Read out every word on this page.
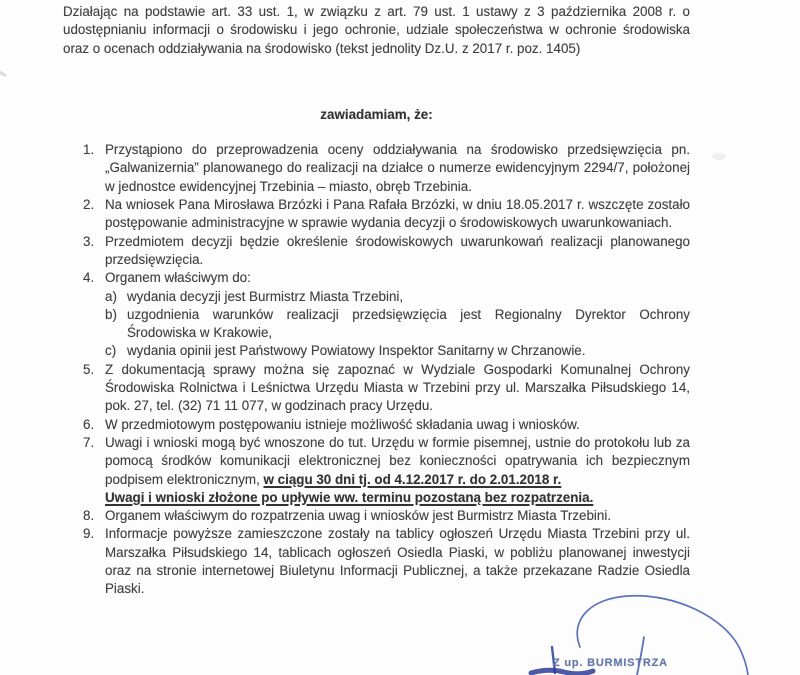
Działając na podstawie art. 33 ust. 1, w związku z art. 79 ust. 1 ustawy z 3 października 2008 r. o udostępnianiu informacji o środowisku i jego ochronie, udziale społeczeństwa w ochronie środowiska oraz o ocenach oddziaływania na środowisko (tekst jednolity Dz.U. z 2017 r. poz. 1405)

zawiadamiam, że:
1. Przystąpiono do przeprowadzenia oceny oddziaływania na środowisko przedsięwzięcia pn. „Galwanizernia” planowanego do realizacji na działce o numerze ewidencyjnym 2294/7, położonej w jednostce ewidencyjnej Trzebinia – miasto, obręb Trzebinia.
2. Na wniosek Pana Mirosława Brzózki i Pana Rafała Brzózki, w dniu 18.05.2017 r. wszczęte zostało postępowanie administracyjne w sprawie wydania decyzji o środowiskowych uwarunkowaniach.
3. Przedmiotem decyzji będzie określenie środowiskowych uwarunkowań realizacji planowanego przedsięwzięcia.
4. Organem właściwym do:
a) wydania decyzji jest Burmistrz Miasta Trzebini,
b) uzgodnienia warunków realizacji przedsięwzięcia jest Regionalny Dyrektor Ochrony Środowiska w Krakowie,
c) wydania opinii jest Państwowy Powiatowy Inspektor Sanitarny w Chrzanowie.
5. Z dokumentacją sprawy można się zapoznać w Wydziale Gospodarki Komunalnej Ochrony Środowiska Rolnictwa i Leśnictwa Urzędu Miasta w Trzebini przy ul. Marszałka Piłsudskiego 14, pok. 27, tel. (32) 71 11 077, w godzinach pracy Urzędu.
6. W przedmiotowym postępowaniu istnieje możliwość składania uwag i wniosków.
7. Uwagi i wnioski mogą być wnoszone do tut. Urzędu w formie pisemnej, ustnie do protokołu lub za pomocą środków komunikacji elektronicznej bez konieczności opatrywania ich bezpiecznym podpisem elektronicznym, w ciągu 30 dni tj. od 4.12.2017 r. do 2.01.2018 r.
Uwagi i wnioski złożone po upływie ww. terminu pozostaną bez rozpatrzenia.
8. Organem właściwym do rozpatrzenia uwag i wniosków jest Burmistrz Miasta Trzebini.
9. Informacje powyższe zamieszczone zostały na tablicy ogłoszeń Urzędu Miasta Trzebini przy ul. Marszałka Piłsudskiego 14, tablicach ogłoszeń Osiedla Piaski, w pobliżu planowanej inwestycji oraz na stronie internetowej Biuletynu Informacji Publicznej, a także przekazane Radzie Osiedla Piaski.
Z up. BURMISTRZA
